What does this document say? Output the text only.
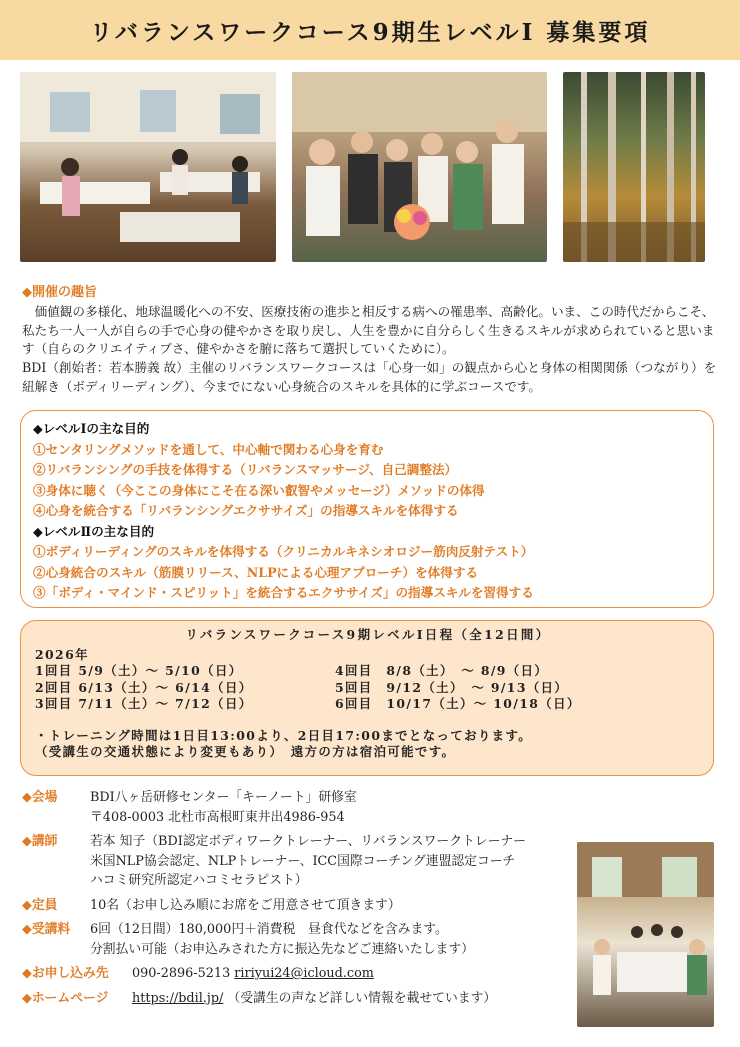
リバランスワークコース9期生レベルⅠ 募集要項
◆開催の趣旨

価値観の多様化、地球温暖化への不安、医療技術の進歩と相反する病への罹患率、高齢化。いま、この時代だからこそ、私たち一人一人が自らの手で心身の健やかさを取り戻し、人生を豊かに自分らしく生きるスキルが求められていると思います（自らのクリエイティブさ、健やかさを腑に落ちて選択していくために）。

BDI（創始者：若本勝義 故）主催のリバランスワークコースは「心身一如」の観点から心と身体の相関関係（つながり）を紐解き（ボディリーディング）、今までにない心身統合のスキルを具体的に学ぶコースです。

◆レベルⅠの主な目的
①センタリングメソッドを通して、中心軸で関わる心身を育む
②リバランシングの手技を体得する（リバランスマッサージ、自己調整法）
③身体に聴く（今ここの身体にこそ在る深い叡智やメッセージ）メソッドの体得
④心身を統合する「リバランシングエクササイズ」の指導スキルを体得する
◆レベルⅡの主な目的
①ボディリーディングのスキルを体得する（クリニカルキネシオロジー筋肉反射テスト）
②心身統合のスキル（筋膜リリース、NLPによる心理アプローチ）を体得する
③「ボディ・マインド・スピリット」を統合するエクササイズ」の指導スキルを習得する
リバランスワークコース9期レベルⅠ日程（全12日間）
2026年
1回目 5/9（土）～ 5/10（日）	4回目　8/8（土）　～ 8/9（日）
2回目 6/13（土）～ 6/14（日）	5回目　9/12（土）　～ 9/13（日）
3回目 7/11（土）～ 7/12（日）	6回目　10/17（土）～ 10/18（日）
・トレーニング時間は1日目13:00より、2日目17:00までとなっております。
（受講生の交通状態により変更もあり）　遠方の方は宿泊可能です。
◆会場	BDI八ヶ岳研修センター「キーノート」研修室
〒408-0003 北杜市高根町東井出4986-954
◆講師	若本 知子（BDI認定ボディワークトレーナー、リバランスワークトレーナー
米国NLP協会認定、NLPトレーナー、ICC国際コーチング連盟認定コーチ
ハコミ研究所認定ハコミセラピスト）
◆定員	10名（お申し込み順にお席をご用意させて頂きます）
◆受講料	6回（12日間）180,000円＋消費税　昼食代などを含みます。
分割払い可能（お申込みされた方に振込先などご連絡いたします）
◆お申し込み先	090-2896-5213 ririyui24@icloud.com
◆ホームページ	https://bdil.jp/ （受講生の声など詳しい情報を載せています）
